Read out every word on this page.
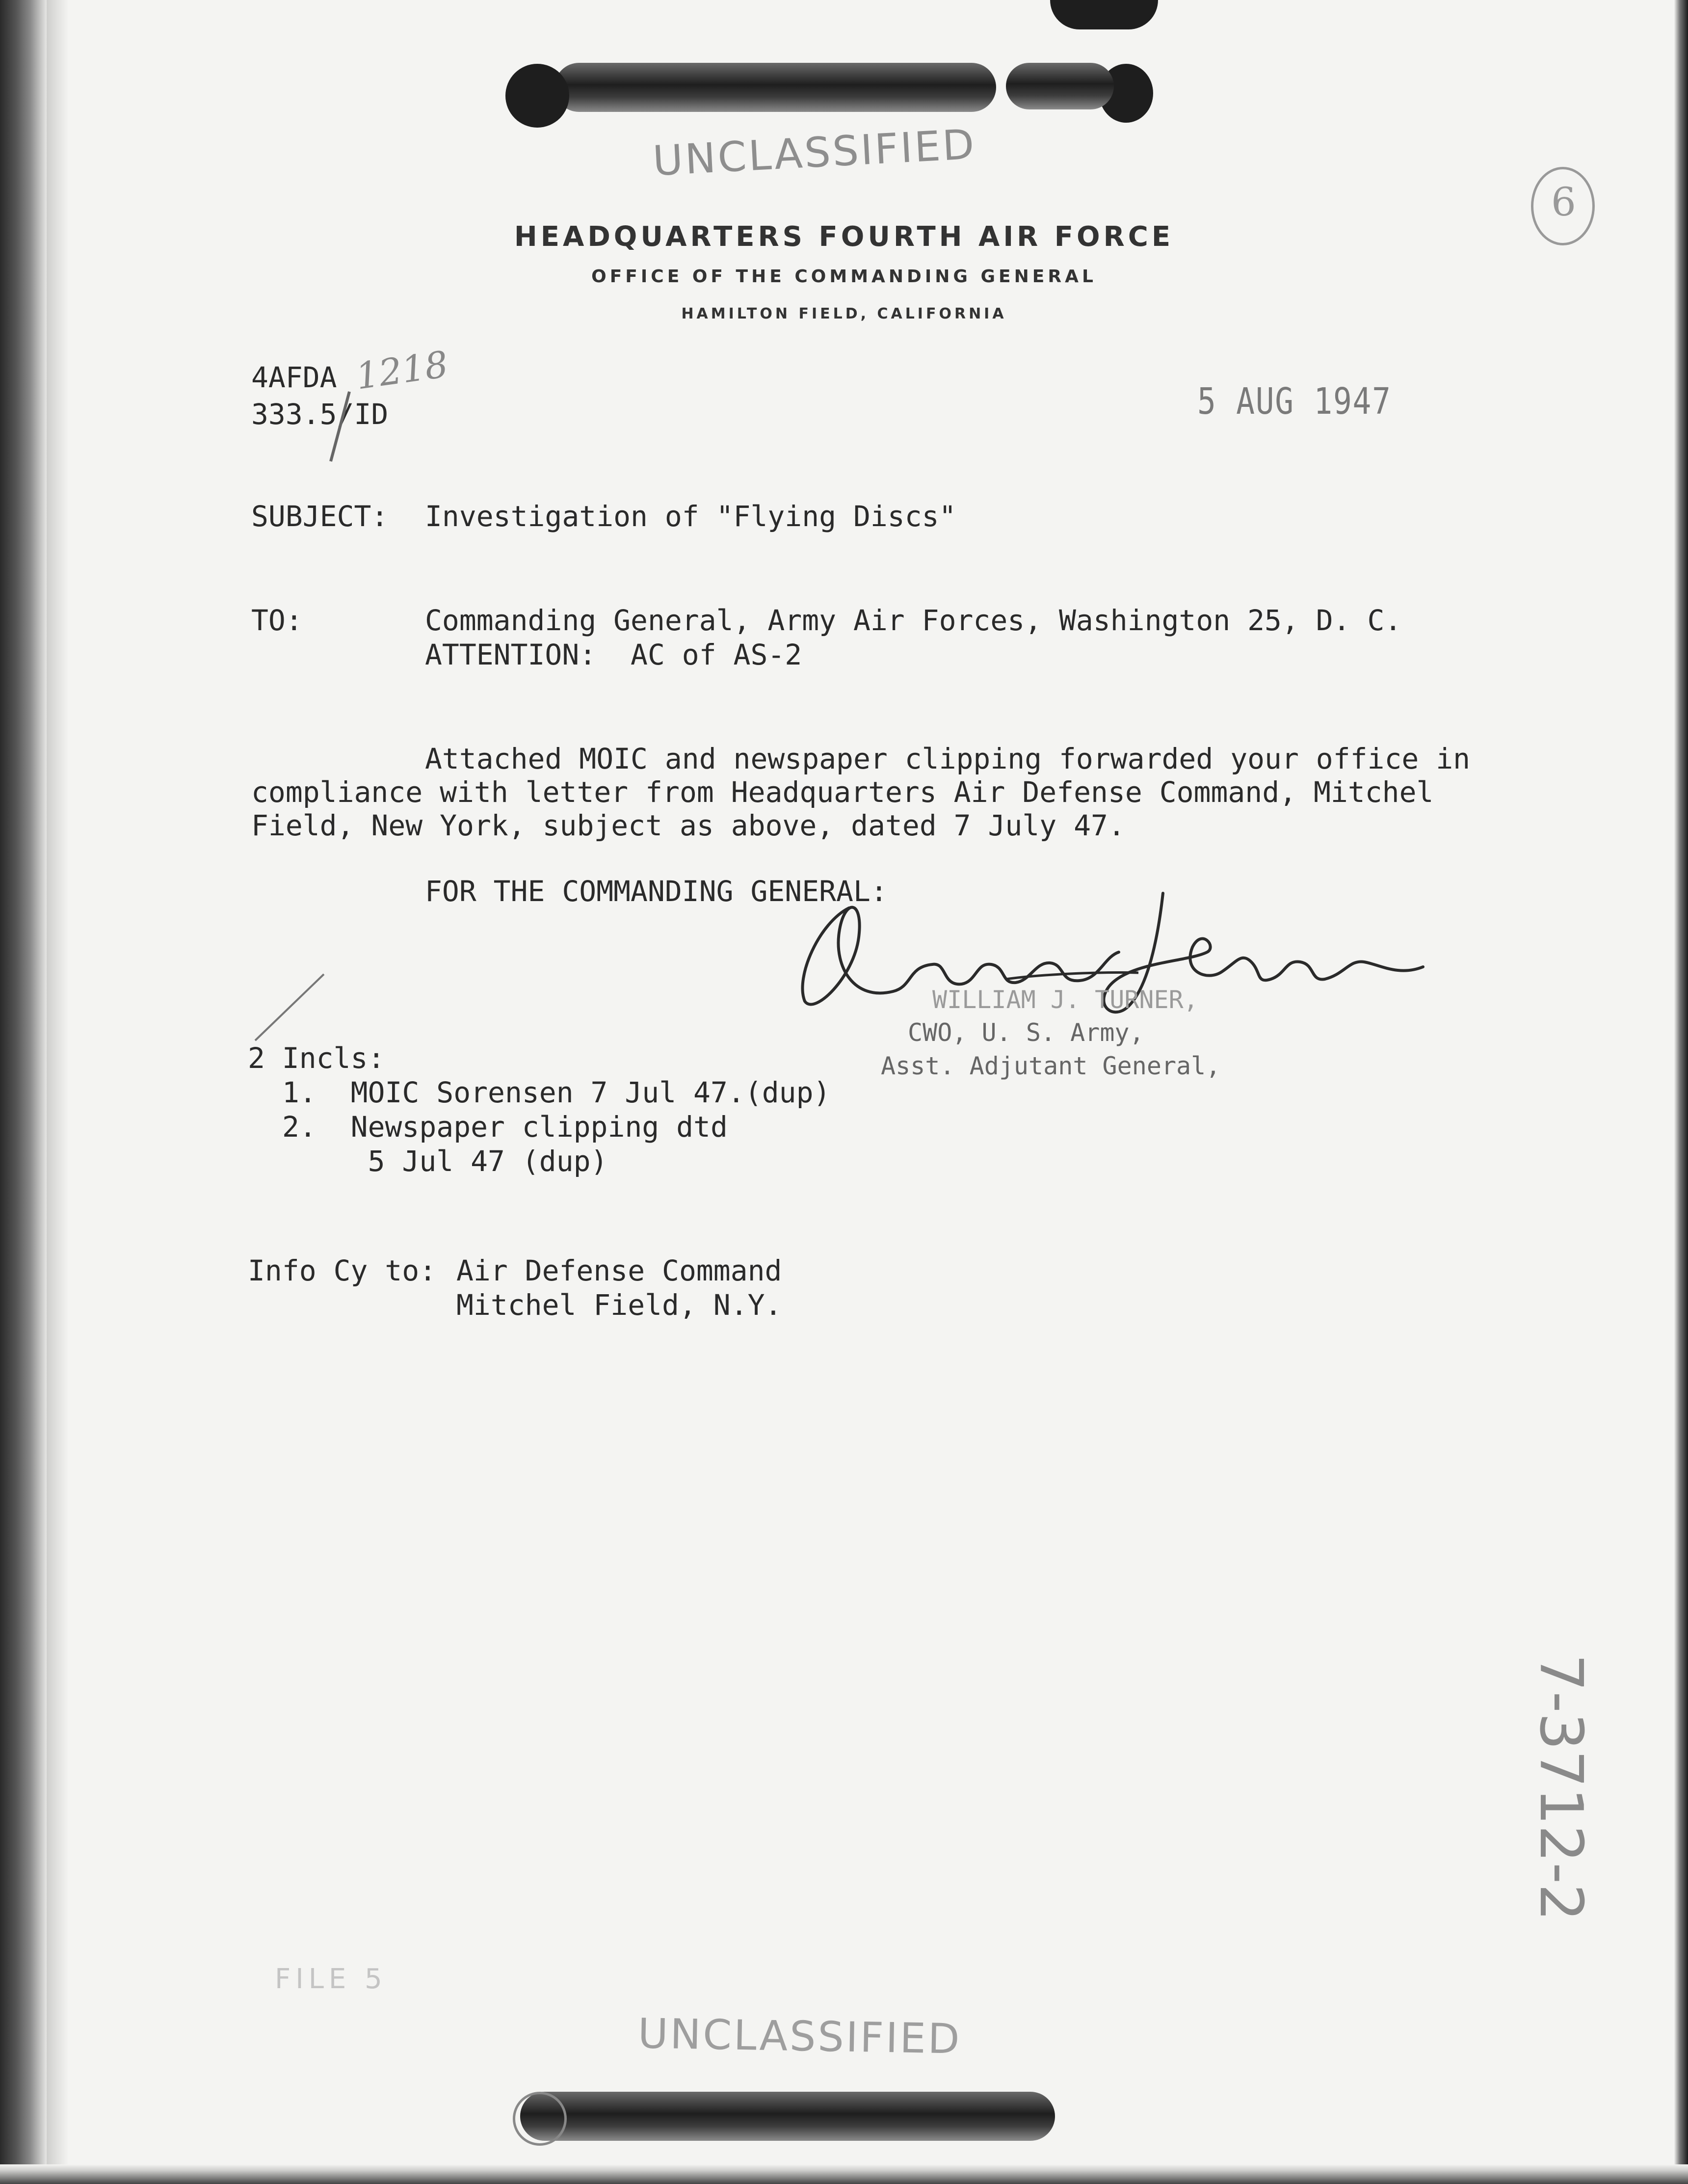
UNCLASSIFIED
HEADQUARTERS FOURTH AIR FORCE
OFFICE OF THE COMMANDING GENERAL
HAMILTON FIELD, CALIFORNIA
4AFDA
333.5/ID
1218
5 AUG 1947
SUBJECT: Investigation of "Flying Discs"
TO:	Commanding General, Army Air Forces, Washington 25, D. C.
ATTENTION:  AC of AS-2
Attached MOIC and newspaper clipping forwarded your office in
compliance with letter from Headquarters Air Defense Command, Mitchel
Field, New York, subject as above, dated 7 July 47.
FOR THE COMMANDING GENERAL:
WILLIAM J. TURNER,
CWO, U. S. Army,
Asst. Adjutant General,
2 Incls:
1.  MOIC Sorensen 7 Jul 47.(dup)
2.  Newspaper clipping dtd
5 Jul 47 (dup)
Info Cy to: Air Defense Command
Mitchel Field, N.Y.
7-3712-2
6
FILE 5
UNCLASSIFIED
